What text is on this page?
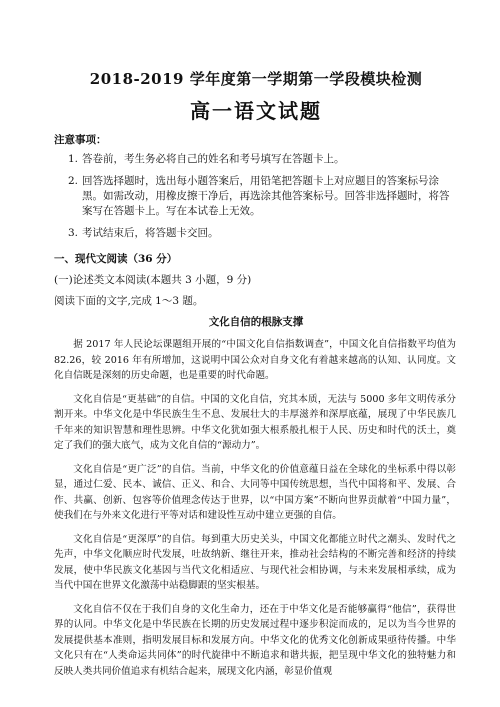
2018-2019 学年度第一学期第一学段模块检测
高一语文试题
注意事项：
1. 答卷前，考生务必将自己的姓名和考号填写在答题卡上。
2. 回答选择题时，选出每小题答案后，用铅笔把答题卡上对应题目的答案标号涂黑。如需改动，用橡皮擦干净后，再选涂其他答案标号。回答非选择题时，将答案写在答题卡上。写在本试卷上无效。
3. 考试结束后，将答题卡交回。
一、现代文阅读（36 分）
(一)论述类文本阅读(本题共 3 小题，9 分)
阅读下面的文字,完成 1～3 题。
文化自信的根脉支撑

据 2017 年人民论坛课题组开展的“中国文化自信指数调查”，中国文化自信指数平均值为 82.26，较 2016 年有所增加，这说明中国公众对自身文化有着越来越高的认知、认同度。文化自信既是深刻的历史命题，也是重要的时代命题。

文化自信是“更基础”的自信。中国的文化自信，究其本质，无法与 5000 多年文明传承分割开来。中华文化是中华民族生生不息、发展壮大的丰厚滋养和深厚底蕴，展现了中华民族几千年来的知识智慧和理性思辨。中华文化犹如强大根系般扎根于人民、历史和时代的沃土，奠定了我们的强大底气，成为文化自信的“源动力”。

文化自信是“更广泛”的自信。当前，中华文化的价值意蕴日益在全球化的坐标系中得以彰显，通过仁爱、民本、诚信、正义、和合、大同等中国传统思想，当代中国将和平、发展、合作、共赢、创新、包容等价值理念传达于世界，以“中国方案”不断向世界贡献着“中国力量”，使我们在与外来文化进行平等对话和建设性互动中建立更强的自信。

文化自信是“更深厚”的自信。每到重大历史关头，中国文化都能立时代之潮头、发时代之先声，中华文化顺应时代发展，吐故纳新、继往开来，推动社会结构的不断完善和经济的持续发展，使中华民族文化基因与当代文化相适应、与现代社会相协调，与未来发展相承续，成为当代中国在世界文化激荡中站稳脚跟的坚实根基。

文化自信不仅在于我们自身的文化生命力，还在于中华文化是否能够赢得“他信”，获得世界的认同。中华文化是中华民族在长期的历史发展过程中逐步积淀而成的，足以为当今世界的发展提供基本准则，指明发展目标和发展方向。中华文化的优秀文化创新成果亟待传播。中华文化只有在“人类命运共同体”的时代旋律中不断追求和谐共振，把呈现中华文化的独特魅力和反映人类共同价值追求有机结合起来，展现文化内涵，彰显价值观
